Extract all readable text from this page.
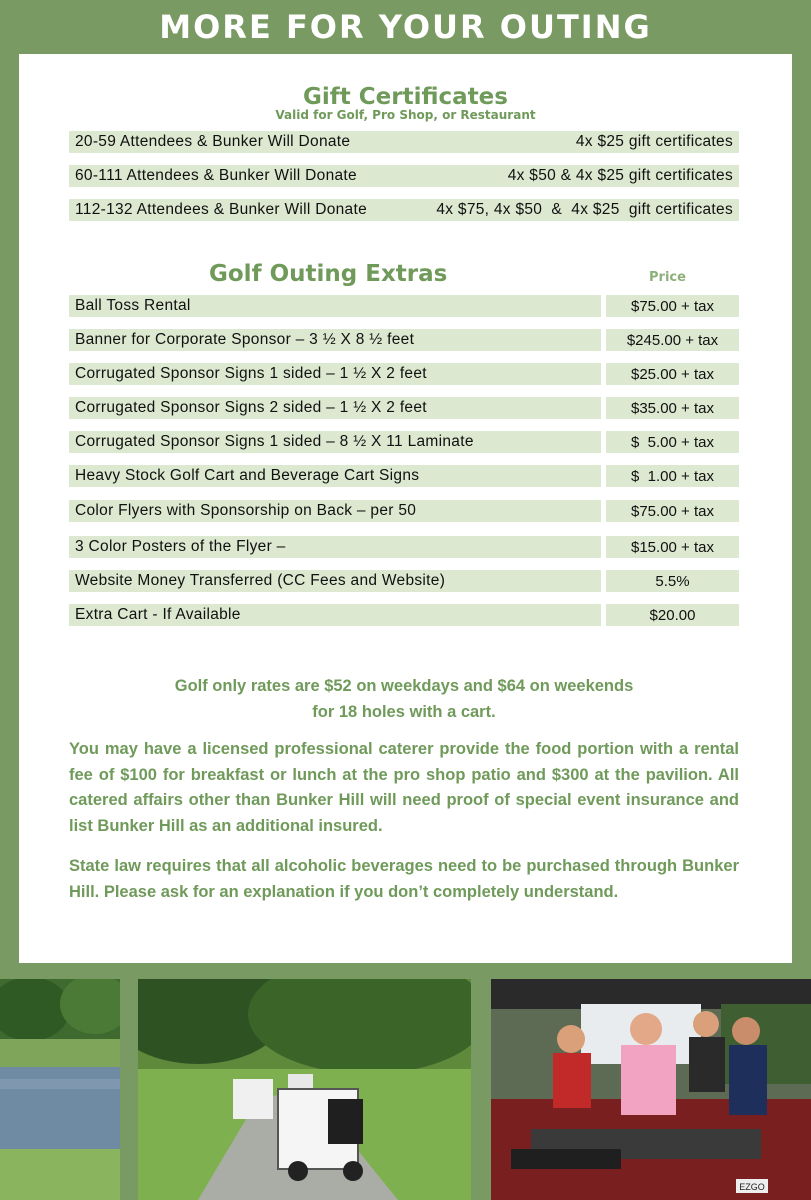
MORE FOR YOUR OUTING
Gift Certificates
Valid for Golf, Pro Shop, or Restaurant
20-59 Attendees & Bunker Will Donate	4x $25 gift certificates
60-111 Attendees & Bunker Will Donate	4x $50 & 4x $25 gift certificates
112-132 Attendees & Bunker Will Donate	4x $75, 4x $50  &  4x $25  gift certificates
Golf Outing Extras	Price
Ball Toss Rental	$75.00 + tax
Banner for Corporate Sponsor – 3 ½ X 8 ½ feet	$245.00 + tax
Corrugated Sponsor Signs 1 sided – 1 ½ X 2 feet	$25.00 + tax
Corrugated Sponsor Signs 2 sided – 1 ½ X 2 feet	$35.00 + tax
Corrugated Sponsor Signs 1 sided – 8 ½ X 11 Laminate	$  5.00 + tax
Heavy Stock Golf Cart and Beverage Cart Signs	$  1.00 + tax
Color Flyers with Sponsorship on Back – per 50	$75.00 + tax
3 Color Posters of the Flyer –	$15.00 + tax
Website Money Transferred (CC Fees and Website)	5.5%
Extra Cart - If Available	$20.00
Golf only rates are $52 on weekdays and $64 on weekends
for 18 holes with a cart.
You may have a licensed professional caterer provide the food portion with a rental fee of $100 for breakfast or lunch at the pro shop patio and $300 at the pavilion. All catered affairs other than Bunker Hill will need proof of special event insurance and list Bunker Hill as an additional insured.
State law requires that all alcoholic beverages need to be purchased through Bunker Hill. Please ask for an explanation if you don’t completely understand.
EZGO
